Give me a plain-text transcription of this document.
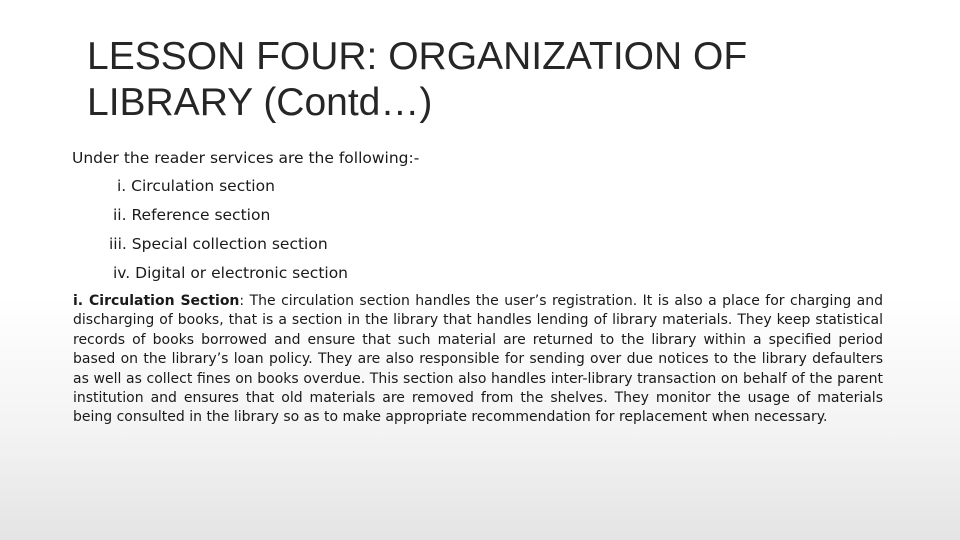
LESSON FOUR: ORGANIZATION OF LIBRARY (Contd…)

Under the reader services are the following:-

i. Circulation section

ii. Reference section

iii. Special collection section

iv. Digital or electronic section

i. Circulation Section: The circulation section handles the user’s registration. It is also a place for charging and discharging of books, that is a section in the library that handles lending of library materials. They keep statistical records of books borrowed and ensure that such material are returned to the library within a specified period based on the library’s loan policy. They are also responsible for sending over due notices to the library defaulters as well as collect fines on books overdue. This section also handles inter-library transaction on behalf of the parent institution and ensures that old materials are removed from the shelves. They monitor the usage of materials being consulted in the library so as to make appropriate recommendation for replacement when necessary.
